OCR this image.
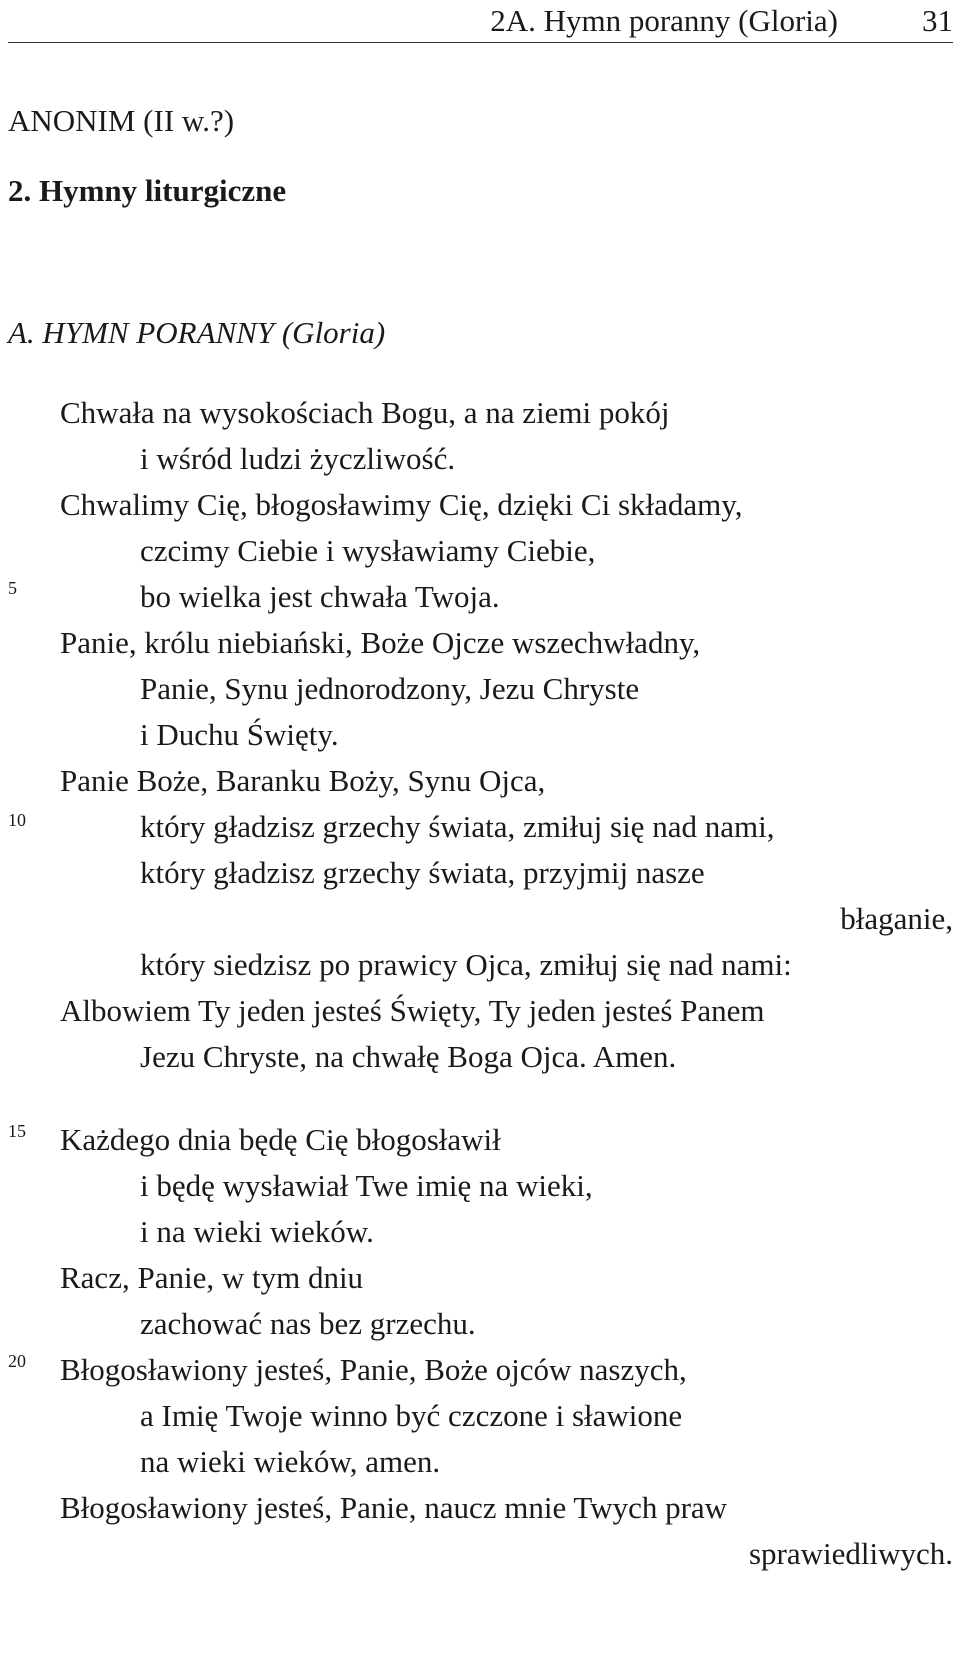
2A. Hymn poranny (Gloria)	31
ANONIM (II w.?)
2. Hymny liturgiczne
A. HYMN PORANNY (Gloria)
Chwała na wysokościach Bogu, a na ziemi pokój
i wśród ludzi życzliwość.
Chwalimy Cię, błogosławimy Cię, dzięki Ci składamy,
czcimy Ciebie i wysławiamy Ciebie,
5	bo wielka jest chwała Twoja.
Panie, królu niebiański, Boże Ojcze wszechwładny,
Panie, Synu jednorodzony, Jezu Chryste
i Duchu Święty.
Panie Boże, Baranku Boży, Synu Ojca,
10	który gładzisz grzechy świata, zmiłuj się nad nami,
który gładzisz grzechy świata, przyjmij nasze
błaganie,
który siedzisz po prawicy Ojca, zmiłuj się nad nami:
Albowiem Ty jeden jesteś Święty, Ty jeden jesteś Panem
Jezu Chryste, na chwałę Boga Ojca. Amen.
15 Każdego dnia będę Cię błogosławił
i będę wysławiał Twe imię na wieki,
i na wieki wieków.
Racz, Panie, w tym dniu
zachować nas bez grzechu.
20 Błogosławiony jesteś, Panie, Boże ojców naszych,
a Imię Twoje winno być czczone i sławione
na wieki wieków, amen.
Błogosławiony jesteś, Panie, naucz mnie Twych praw
sprawiedliwych.
